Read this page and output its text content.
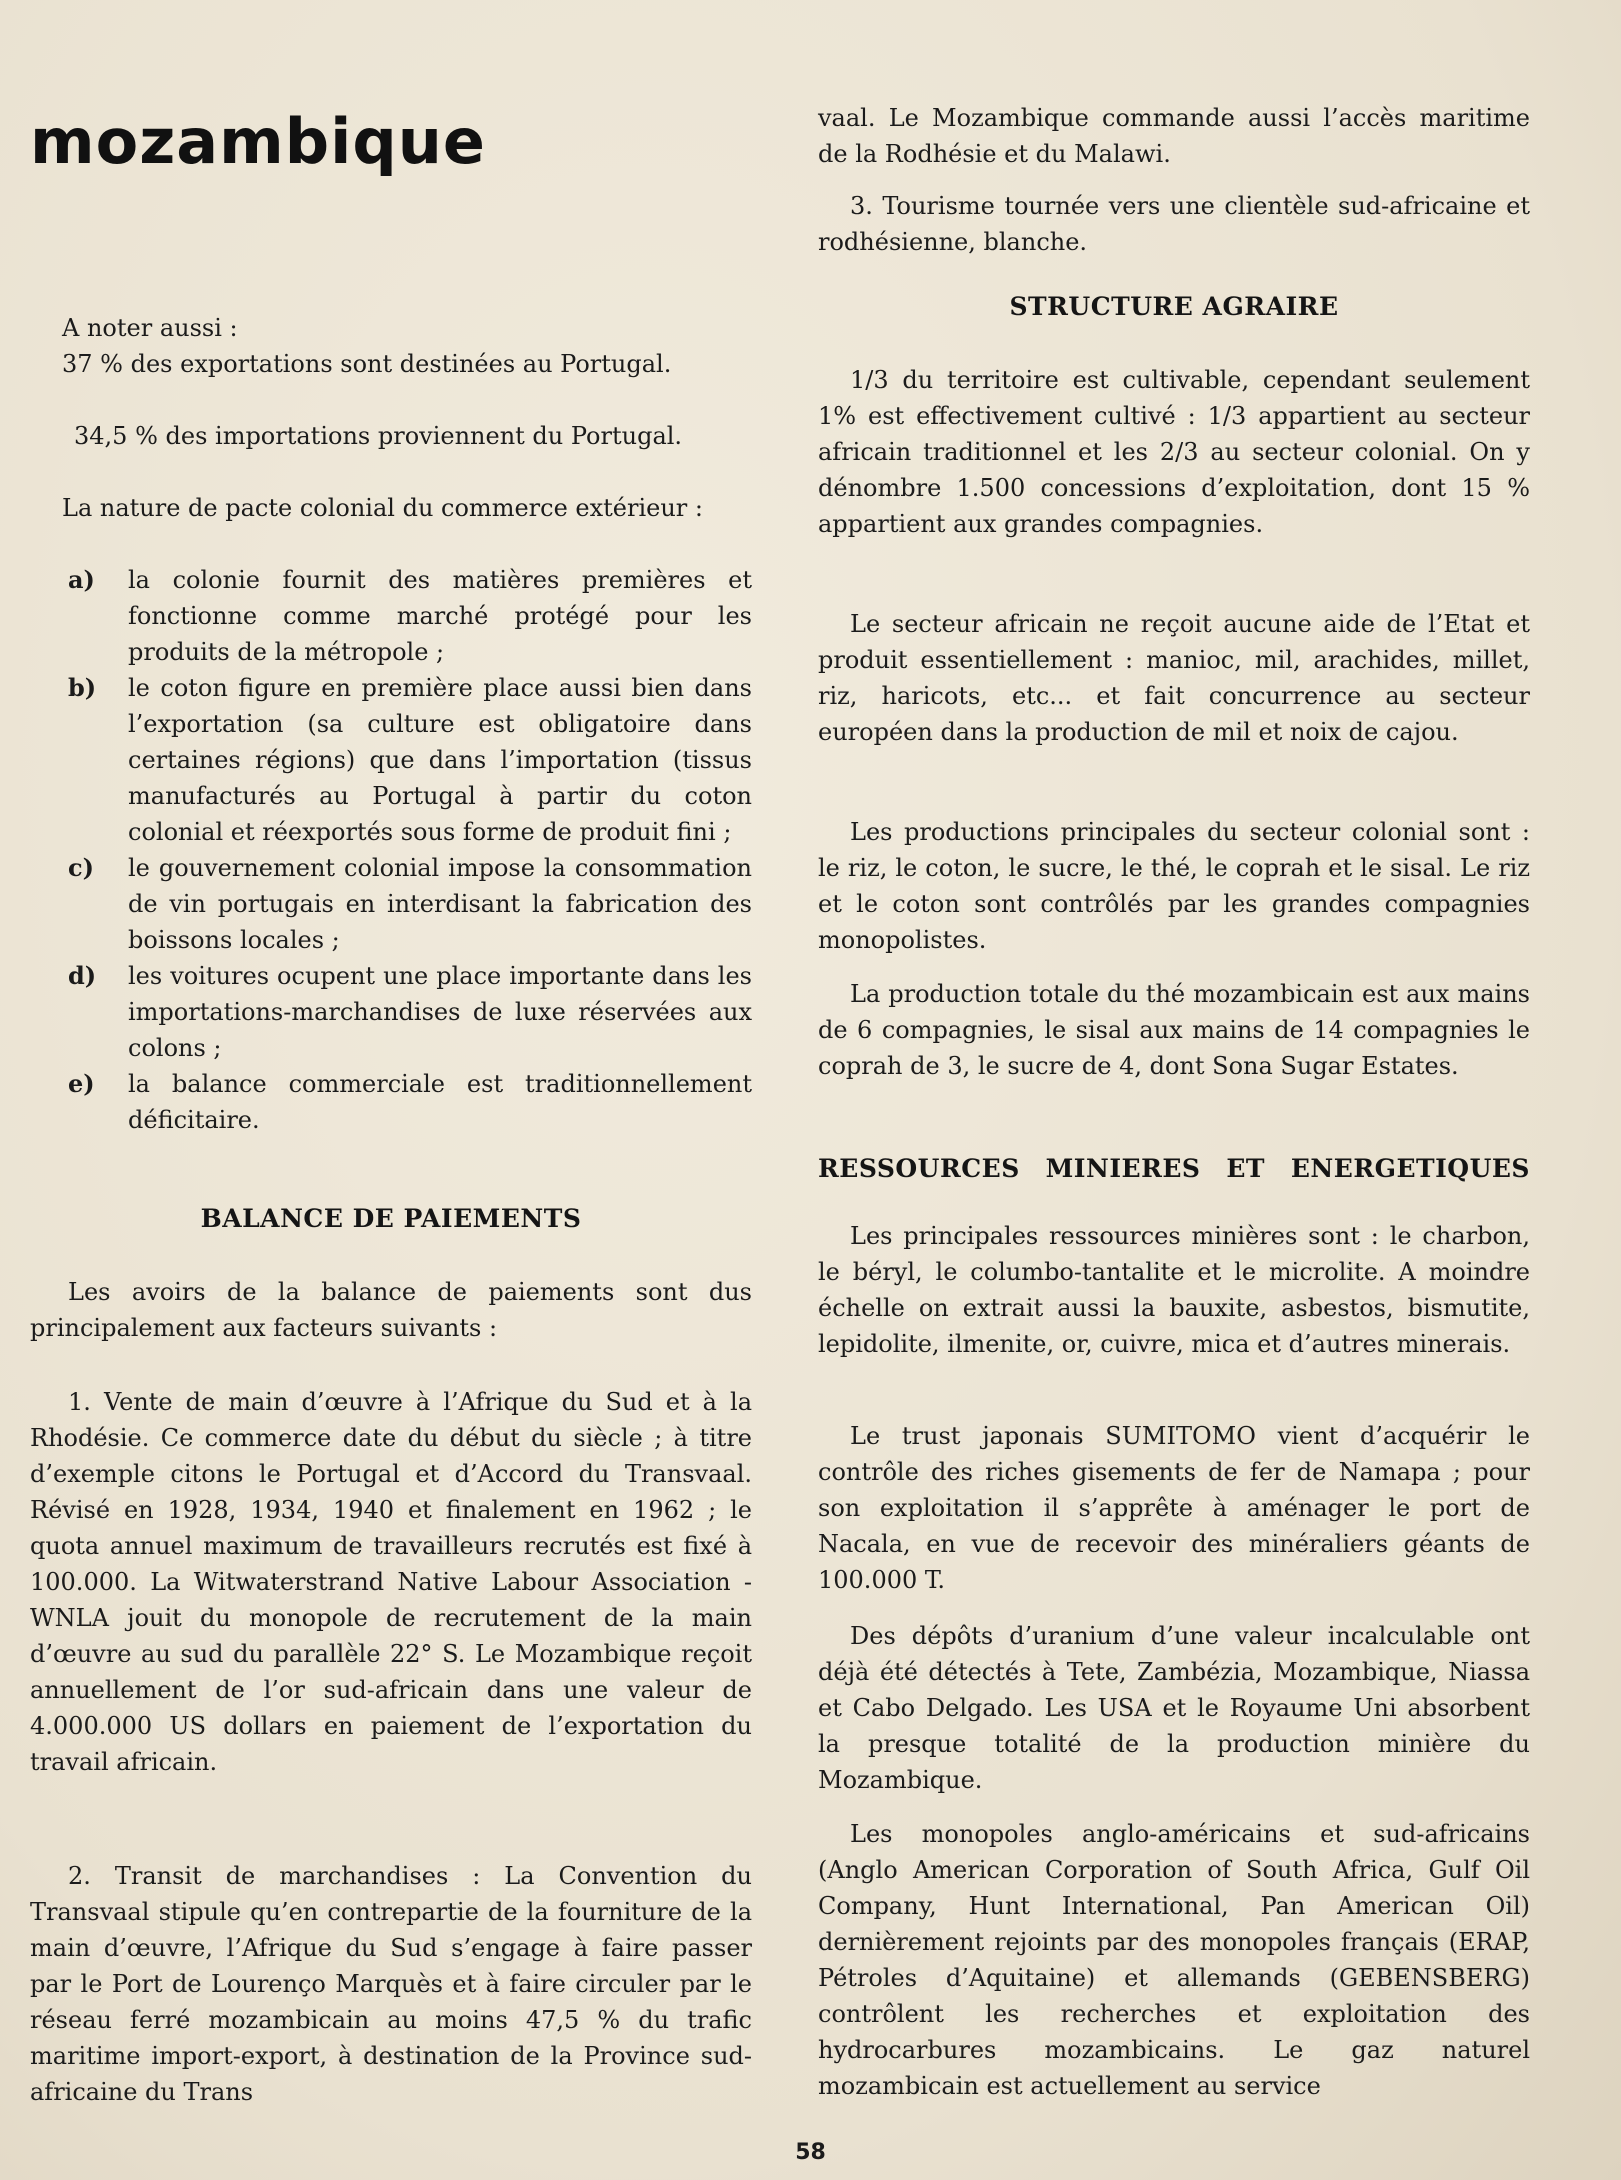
mozambique

A noter aussi :

37 % des exportations sont destinées au Portugal.

34,5 % des importations proviennent du Portugal.

La nature de pacte colonial du commerce extérieur :

a) la colonie fournit des matières premières et fonctionne comme marché protégé pour les produits de la métropole ;
b) le coton figure en première place aussi bien dans l’exportation (sa culture est obligatoire dans certaines régions) que dans l’importation (tissus manufacturés au Portugal à partir du coton colonial et réexportés sous forme de produit fini ;
c) le gouvernement colonial impose la consommation de vin portugais en interdisant la fabrication des boissons locales ;
d) les voitures ocupent une place importante dans les importations-marchandises de luxe réservées aux colons ;
e) la balance commerciale est traditionnellement déficitaire.
BALANCE DE PAIEMENTS

Les avoirs de la balance de paiements sont dus principalement aux facteurs suivants :

1. Vente de main d’œuvre à l’Afrique du Sud et à la Rhodésie. Ce commerce date du début du siècle ; à titre d’exemple citons le Portugal et d’Accord du Transvaal. Révisé en 1928, 1934, 1940 et finalement en 1962 ; le quota annuel maximum de travailleurs recrutés est fixé à 100.000. La Witwaterstrand Native Labour Association - WNLA jouit du monopole de recrutement de la main d’œuvre au sud du parallèle 22° S. Le Mozambique reçoit annuellement de l’or sud-africain dans une valeur de 4.000.000 US dollars en paiement de l’exportation du travail africain.

2. Transit de marchandises : La Convention du Transvaal stipule qu’en contrepartie de la fourniture de la main d’œuvre, l’Afrique du Sud s’engage à faire passer par le Port de Lourenço Marquès et à faire circuler par le réseau ferré mozambicain au moins 47,5 % du trafic maritime import-export, à destination de la Province sud-africaine du Trans

vaal. Le Mozambique commande aussi l’accès maritime de la Rodhésie et du Malawi.

3. Tourisme tournée vers une clientèle sud-africaine et rodhésienne, blanche.

STRUCTURE AGRAIRE

1/3 du territoire est cultivable, cependant seulement 1% est effectivement cultivé : 1/3 appartient au secteur africain traditionnel et les 2/3 au secteur colonial. On y dénombre 1.500 concessions d’exploitation, dont 15 % appartient aux grandes compagnies.

Le secteur africain ne reçoit aucune aide de l’Etat et produit essentiellement : manioc, mil, arachides, millet, riz, haricots, etc... et fait concurrence au secteur européen dans la production de mil et noix de cajou.

Les productions principales du secteur colonial sont : le riz, le coton, le sucre, le thé, le coprah et le sisal. Le riz et le coton sont contrôlés par les grandes compagnies monopolistes.

La production totale du thé mozambicain est aux mains de 6 compagnies, le sisal aux mains de 14 compagnies le coprah de 3, le sucre de 4, dont Sona Sugar Estates.

RESSOURCES MINIERES ET ENERGETIQUES

Les principales ressources minières sont : le charbon, le béryl, le columbo-tantalite et le microlite. A moindre échelle on extrait aussi la bauxite, asbestos, bismutite, lepidolite, ilmenite, or, cuivre, mica et d’autres minerais.

Le trust japonais SUMITOMO vient d’acquérir le contrôle des riches gisements de fer de Namapa ; pour son exploitation il s’apprête à aménager le port de Nacala, en vue de recevoir des minéraliers géants de 100.000 T.

Des dépôts d’uranium d’une valeur incalculable ont déjà été détectés à Tete, Zambézia, Mozambique, Niassa et Cabo Delgado. Les USA et le Royaume Uni absorbent la presque totalité de la production minière du Mozambique.

Les monopoles anglo-américains et sud-africains (Anglo American Corporation of South Africa, Gulf Oil Company, Hunt International, Pan American Oil) dernièrement rejoints par des monopoles français (ERAP, Pétroles d’Aquitaine) et allemands (GEBENSBERG) contrôlent les recherches et exploitation des hydrocarbures mozambicains. Le gaz naturel mozambicain est actuellement au service

58
